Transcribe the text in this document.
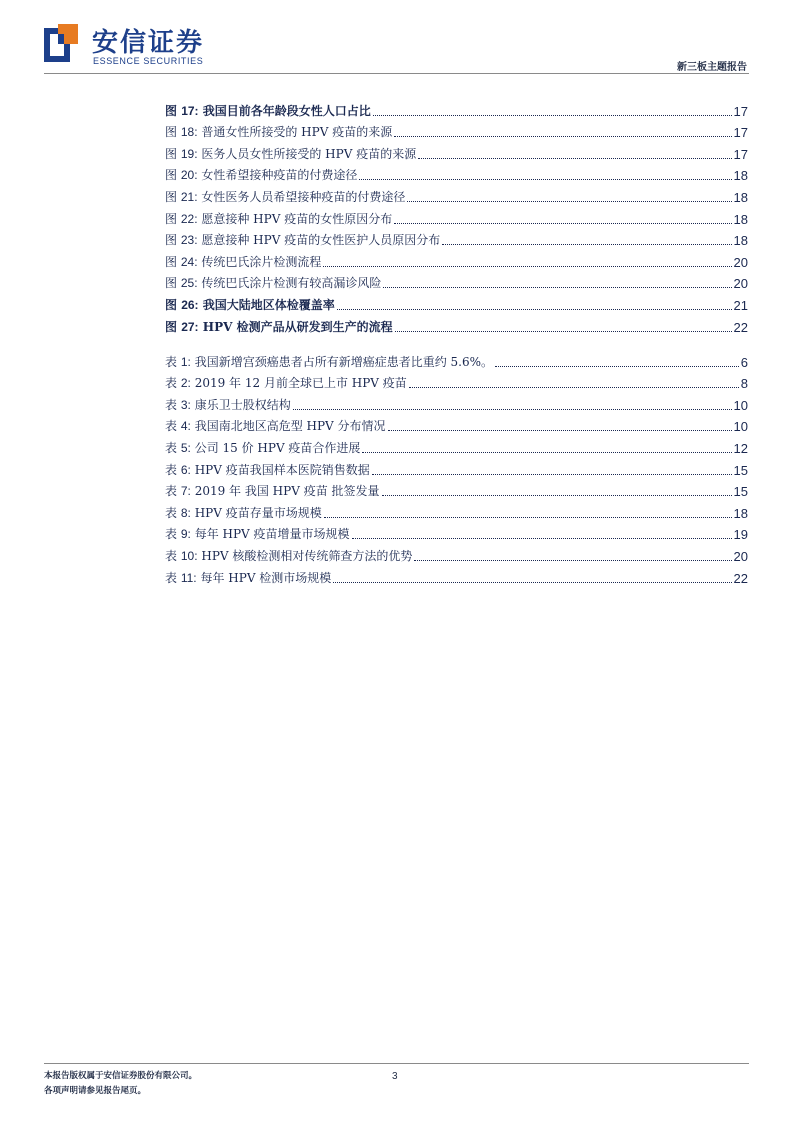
安信证券
ESSENCE SECURITIES
新三板主题报告
图 17: 我国目前各年龄段女性人口占比	17
图 18: 普通女性所接受的 HPV 疫苗的来源	17
图 19: 医务人员女性所接受的 HPV 疫苗的来源	17
图 20: 女性希望接种疫苗的付费途径	18
图 21: 女性医务人员希望接种疫苗的付费途径	18
图 22: 愿意接种 HPV 疫苗的女性原因分布	18
图 23: 愿意接种 HPV 疫苗的女性医护人员原因分布	18
图 24: 传统巴氏涂片检测流程	20
图 25: 传统巴氏涂片检测有较高漏诊风险	20
图 26: 我国大陆地区体检覆盖率	21
图 27: HPV 检测产品从研发到生产的流程	22
表 1: 我国新增宫颈癌患者占所有新增癌症患者比重约 5.6%。	6
表 2: 2019 年 12 月前全球已上市 HPV 疫苗	8
表 3: 康乐卫士股权结构	10
表 4: 我国南北地区高危型 HPV 分布情况	10
表 5: 公司 15 价 HPV 疫苗合作进展	12
表 6: HPV 疫苗我国样本医院销售数据	15
表 7: 2019 年 我国 HPV 疫苗 批签发量	15
表 8: HPV 疫苗存量市场规模	18
表 9: 每年 HPV 疫苗增量市场规模	19
表 10: HPV 核酸检测相对传统筛查方法的优势	20
表 11: 每年 HPV 检测市场规模	22
本报告版权属于安信证券股份有限公司。
各项声明请参见报告尾页。
3
